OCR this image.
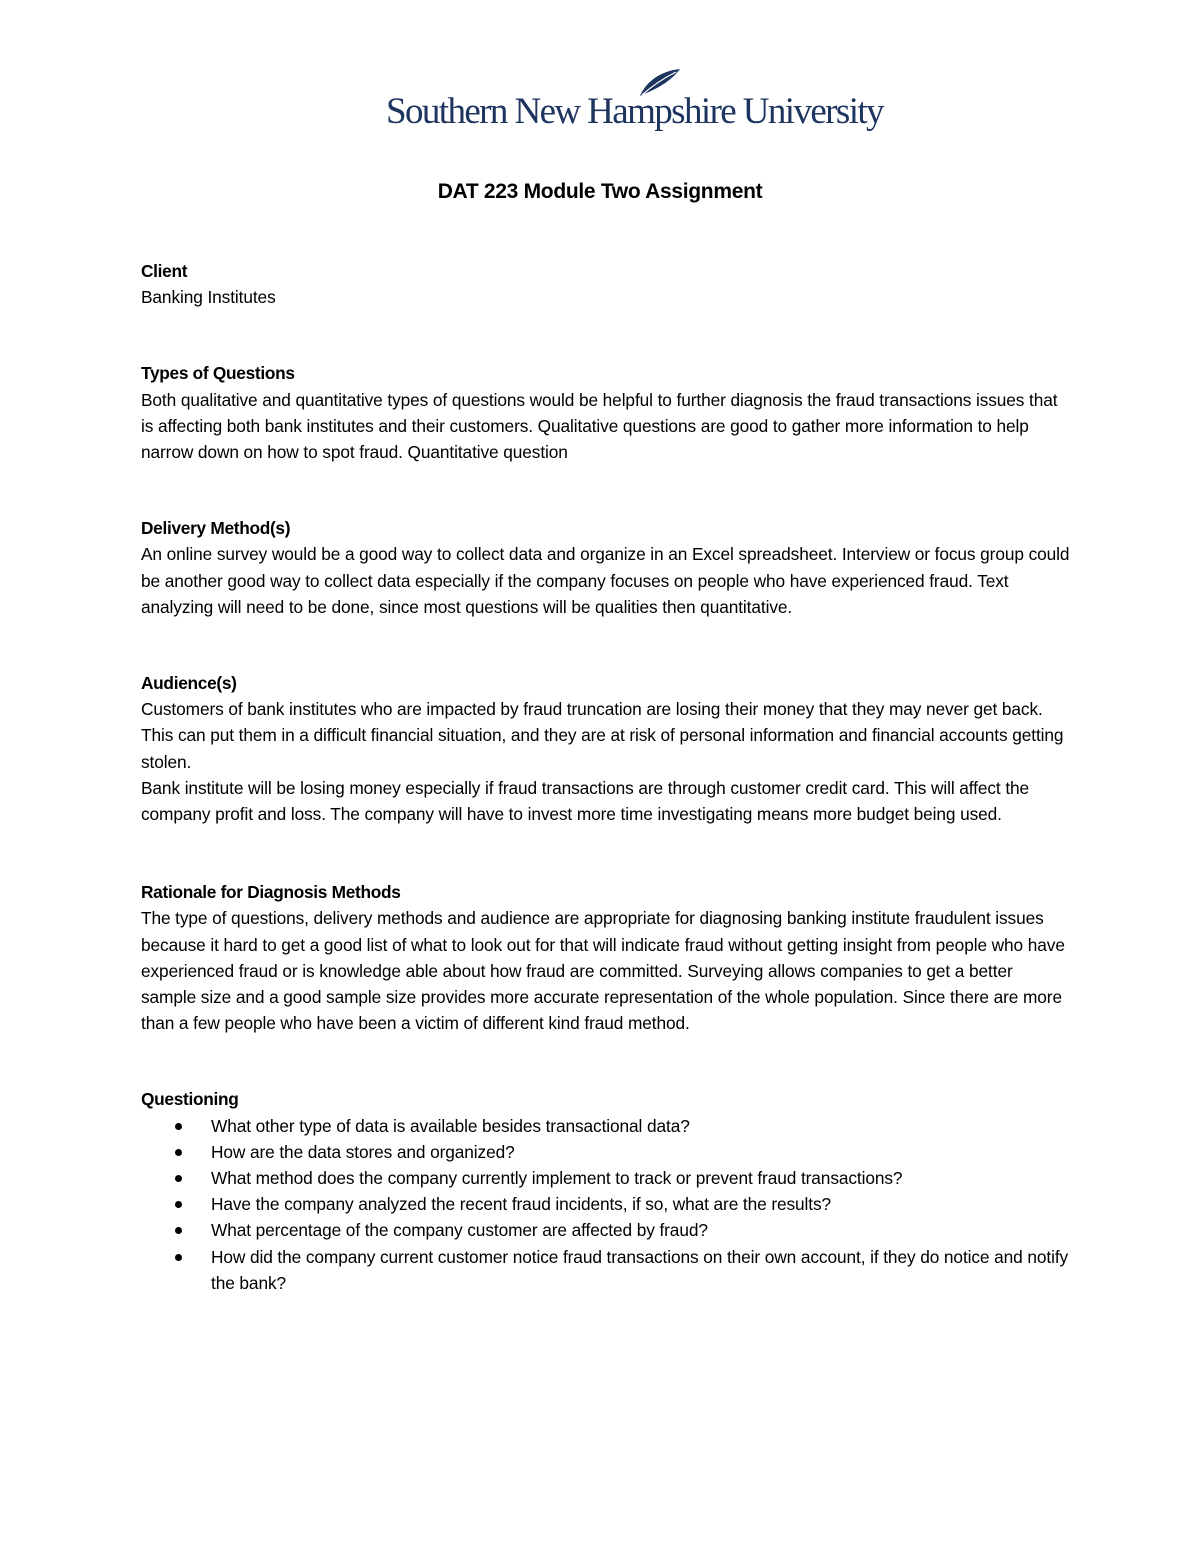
Southern New Hampshire University
DAT 223 Module Two Assignment

Client

Banking Institutes

Types of Questions

Both qualitative and quantitative types of questions would be helpful to further diagnosis the fraud transactions issues that is affecting both bank institutes and their customers. Qualitative questions are good to gather more information to help narrow down on how to spot fraud. Quantitative question

Delivery Method(s)

An online survey would be a good way to collect data and organize in an Excel spreadsheet. Interview or focus group could be another good way to collect data especially if the company focuses on people who have experienced fraud. Text analyzing will need to be done, since most questions will be qualities then quantitative.

Audience(s)

Customers of bank institutes who are impacted by fraud truncation are losing their money that they may never get back. This can put them in a difficult financial situation, and they are at risk of personal information and financial accounts getting stolen.

Bank institute will be losing money especially if fraud transactions are through customer credit card. This will affect the company profit and loss. The company will have to invest more time investigating means more budget being used.

Rationale for Diagnosis Methods

The type of questions, delivery methods and audience are appropriate for diagnosing banking institute fraudulent issues because it hard to get a good list of what to look out for that will indicate fraud without getting insight from people who have experienced fraud or is knowledge able about how fraud are committed. Surveying allows companies to get a better sample size and a good sample size provides more accurate representation of the whole population. Since there are more than a few people who have been a victim of different kind fraud method.

Questioning

What other type of data is available besides transactional data?
How are the data stores and organized?
What method does the company currently implement to track or prevent fraud transactions?
Have the company analyzed the recent fraud incidents, if so, what are the results?
What percentage of the company customer are affected by fraud?
How did the company current customer notice fraud transactions on their own account, if they do notice and notify the bank?
